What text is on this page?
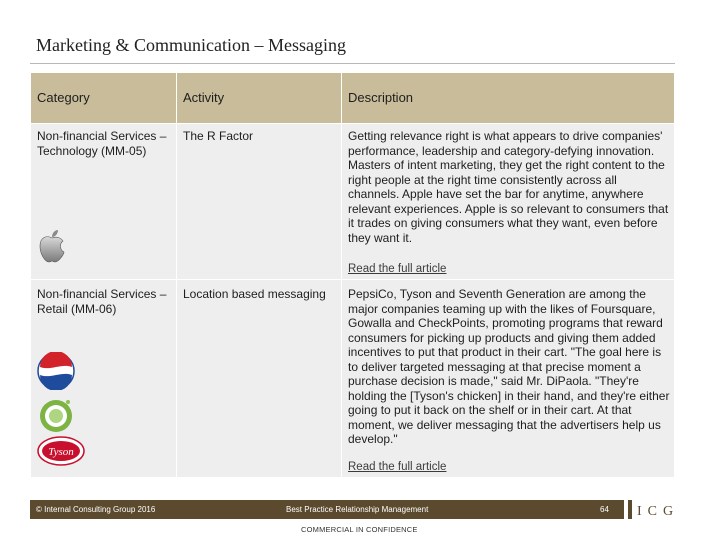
Marketing & Communication – Messaging
Category	Activity	Description
Non-financial Services – Technology (MM-05)	The R Factor	Getting relevance right is what appears to drive companies' performance, leadership and category-defying innovation. Masters of intent marketing, they get the right content to the right people at the right time consistently across all channels. Apple have set the bar for anytime, anywhere relevant experiences. Apple is so relevant to consumers that it trades on giving consumers what they want, even before they want it.
Read the full article

Non-financial Services – Retail (MM-06)	Location based messaging	PepsiCo, Tyson and Seventh Generation are among the major companies teaming up with the likes of Foursquare, Gowalla and CheckPoints, promoting programs that reward consumers for picking up products and giving them added incentives to put that product in their cart. "The goal here is to deliver targeted messaging at that precise moment a purchase decision is made," said Mr. DiPaola. "They're holding the [Tyson's chicken] in their hand, and they're either going to put it back on the shelf or in their cart. At that moment, we deliver messaging that the advertisers help us develop."
Read the full article
Tyson
© Internal Consulting Group 2016	Best Practice Relationship Management	64
COMMERCIAL IN CONFIDENCE
ICG
